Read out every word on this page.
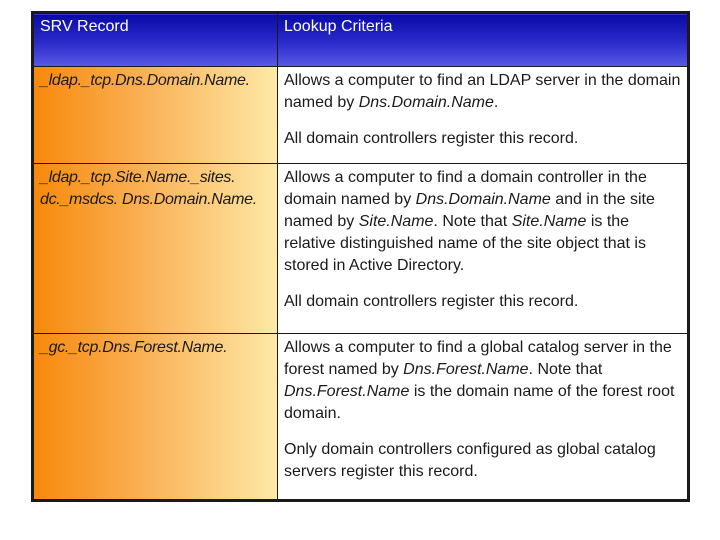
SRV Record	Lookup Criteria
_ldap._tcp.Dns.Domain.Name.	Allows a computer to find an LDAP server in the domain named by Dns.Domain.Name.

All domain controllers register this record.

_ldap._tcp.Site.Name._sites. dc._msdcs. Dns.Domain.Name.	Allows a computer to find a domain controller in the domain named by Dns.Domain.Name and in the site named by Site.Name. Note that Site.Name is the relative distinguished name of the site object that is stored in Active Directory.

All domain controllers register this record.

_gc._tcp.Dns.Forest.Name.	Allows a computer to find a global catalog server in the forest named by Dns.Forest.Name. Note that Dns.Forest.Name is the domain name of the forest root domain.

Only domain controllers configured as global catalog servers register this record.
